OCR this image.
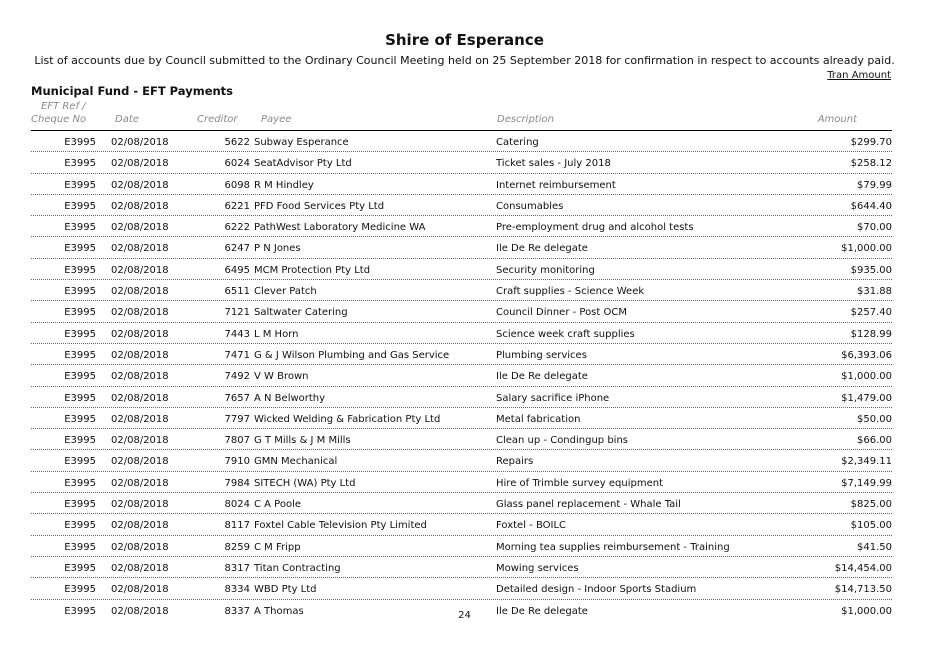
Shire of Esperance
List of accounts due by Council submitted to the Ordinary Council Meeting held on 25 September 2018 for confirmation in respect to accounts already paid.
Tran Amount
Municipal Fund - EFT Payments
EFT Ref /
Cheque No	Date	Creditor Payee	Description	Amount
E3995 02/08/2018	5622 Subway Esperance	Catering	$299.70
E3995 02/08/2018	6024 SeatAdvisor Pty Ltd	Ticket sales - July 2018	$258.12
E3995 02/08/2018	6098 R M Hindley	Internet reimbursement	$79.99
E3995 02/08/2018	6221 PFD Food Services Pty Ltd	Consumables	$644.40
E3995 02/08/2018	6222 PathWest Laboratory Medicine WA	Pre-employment drug and alcohol tests	$70.00
E3995 02/08/2018	6247 P N Jones	Ile De Re delegate	$1,000.00
E3995 02/08/2018	6495 MCM Protection Pty Ltd	Security monitoring	$935.00
E3995 02/08/2018	6511 Clever Patch	Craft supplies - Science Week	$31.88
E3995 02/08/2018	7121 Saltwater Catering	Council Dinner - Post OCM	$257.40
E3995 02/08/2018	7443 L M Horn	Science week craft supplies	$128.99
E3995 02/08/2018	7471 G & J Wilson Plumbing and Gas Service	Plumbing services	$6,393.06
E3995 02/08/2018	7492 V W Brown	Ile De Re delegate	$1,000.00
E3995 02/08/2018	7657 A N Belworthy	Salary sacrifice iPhone	$1,479.00
E3995 02/08/2018	7797 Wicked Welding & Fabrication Pty Ltd	Metal fabrication	$50.00
E3995 02/08/2018	7807 G T Mills & J M Mills	Clean up - Condingup bins	$66.00
E3995 02/08/2018	7910 GMN Mechanical	Repairs	$2,349.11
E3995 02/08/2018	7984 SITECH (WA) Pty Ltd	Hire of Trimble survey equipment	$7,149.99
E3995 02/08/2018	8024 C A Poole	Glass panel replacement - Whale Tail	$825.00
E3995 02/08/2018	8117 Foxtel Cable Television Pty Limited	Foxtel - BOILC	$105.00
E3995 02/08/2018	8259 C M Fripp	Morning tea supplies reimbursement - Training	$41.50
E3995 02/08/2018	8317 Titan Contracting	Mowing services	$14,454.00
E3995 02/08/2018	8334 WBD Pty Ltd	Detailed design - Indoor Sports Stadium	$14,713.50
E3995 02/08/2018	8337 A Thomas	Ile De Re delegate	$1,000.00
24
